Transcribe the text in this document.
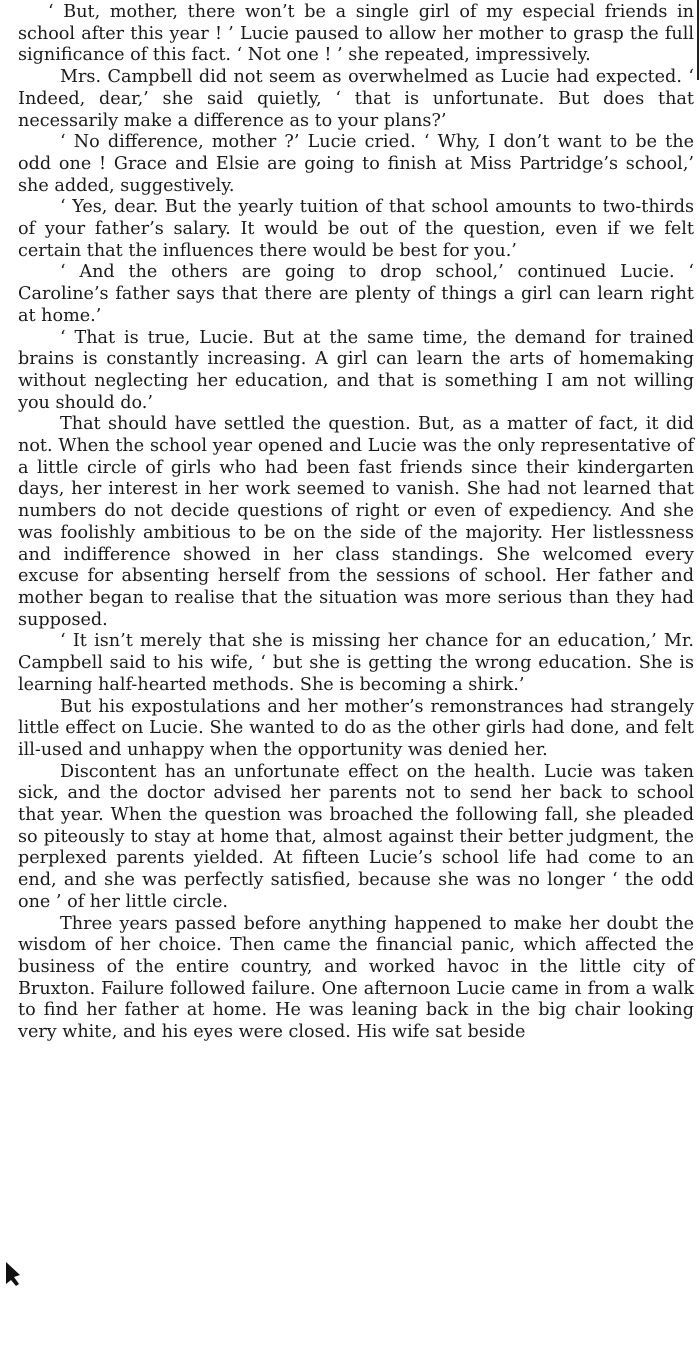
‘ But, mother, there won’t be a single girl of my especial friends in school after this year ! ’ Lucie paused to allow her mother to grasp the full significance of this fact. ‘ Not one ! ’ she repeated, impressively.

Mrs. Campbell did not seem as overwhelmed as Lucie had expected. ‘ Indeed, dear,’ she said quietly, ‘ that is unfortunate. But does that necessarily make a difference as to your plans?’

‘ No difference, mother ?’ Lucie cried. ‘ Why, I don’t want to be the odd one ! Grace and Elsie are going to finish at Miss Partridge’s school,’ she added, suggestively.

‘ Yes, dear. But the yearly tuition of that school amounts to two-thirds of your father’s salary. It would be out of the question, even if we felt certain that the influences there would be best for you.’

‘ And the others are going to drop school,’ continued Lucie. ‘ Caroline’s father says that there are plenty of things a girl can learn right at home.’

‘ That is true, Lucie. But at the same time, the demand for trained brains is constantly increasing. A girl can learn the arts of homemaking without neglecting her education, and that is something I am not willing you should do.’

That should have settled the question. But, as a matter of fact, it did not. When the school year opened and Lucie was the only representative of a little circle of girls who had been fast friends since their kindergarten days, her interest in her work seemed to vanish. She had not learned that numbers do not decide questions of right or even of expediency. And she was foolishly ambitious to be on the side of the majority. Her listlessness and indifference showed in her class standings. She welcomed every excuse for absenting herself from the sessions of school. Her father and mother began to realise that the situation was more serious than they had supposed.

‘ It isn’t merely that she is missing her chance for an education,’ Mr. Campbell said to his wife, ‘ but she is getting the wrong education. She is learning half-hearted methods. She is becoming a shirk.’

But his expostulations and her mother’s remonstrances had strangely little effect on Lucie. She wanted to do as the other girls had done, and felt ill-used and unhappy when the opportunity was denied her.

Discontent has an unfortunate effect on the health. Lucie was taken sick, and the doctor advised her parents not to send her back to school that year. When the question was broached the following fall, she pleaded so piteously to stay at home that, almost against their better judgment, the perplexed parents yielded. At fifteen Lucie’s school life had come to an end, and she was perfectly satisfied, because she was no longer ‘ the odd one ’ of her little circle.

Three years passed before anything happened to make her doubt the wisdom of her choice. Then came the financial panic, which affected the business of the entire country, and worked havoc in the little city of Bruxton. Failure followed failure. One afternoon Lucie came in from a walk to find her father at home. He was leaning back in the big chair looking very white, and his eyes were closed. His wife sat beside
